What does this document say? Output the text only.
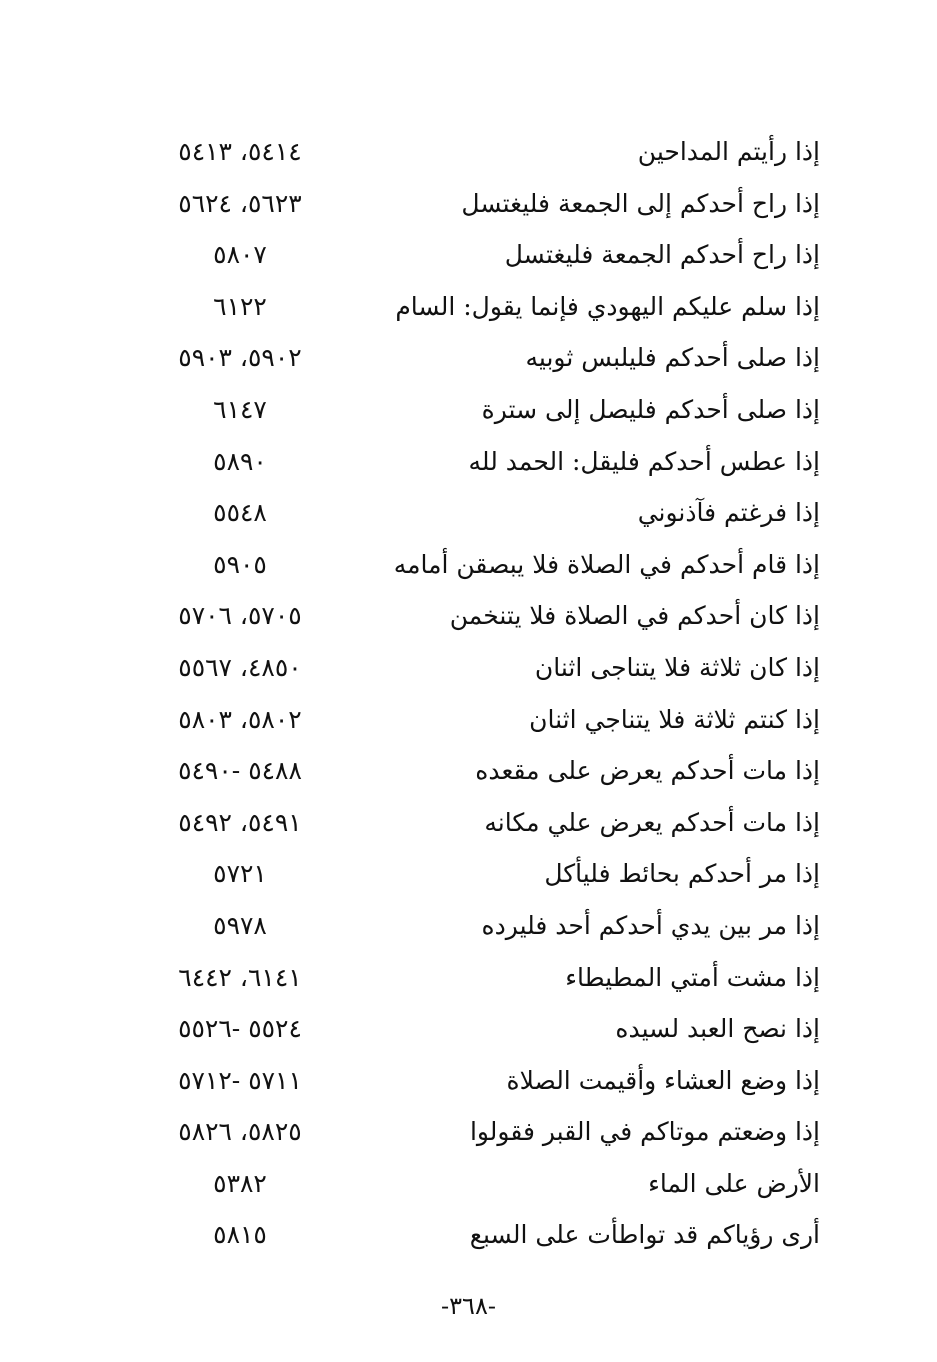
إذا رأيتم المداحين
٥٤١٤، ٥٤١٣
إذا راح أحدكم إلى الجمعة فليغتسل
٥٦٢٣، ٥٦٢٤
إذا راح أحدكم الجمعة فليغتسل
٥٨٠٧
إذا سلم عليكم اليهودي فإنما يقول: السام
٦١٢٢
إذا صلى أحدكم فليلبس ثوبيه
٥٩٠٢، ٥٩٠٣
إذا صلى أحدكم فليصل إلى سترة
٦١٤٧
إذا عطس أحدكم فليقل: الحمد لله
٥٨٩٠
إذا فرغتم فآذنوني
٥٥٤٨
إذا قام أحدكم في الصلاة فلا يبصقن أمامه
٥٩٠٥
إذا كان أحدكم في الصلاة فلا يتنخمن
٥٧٠٥، ٥٧٠٦
إذا كان ثلاثة فلا يتناجى اثنان
٤٨٥٠، ٥٥٦٧
إذا كنتم ثلاثة فلا يتناجي اثنان
٥٨٠٢، ٥٨٠٣
إذا مات أحدكم يعرض على مقعده
٥٤٨٨ -٥٤٩٠
إذا مات أحدكم يعرض علي مكانه
٥٤٩١، ٥٤٩٢
إذا مر أحدكم بحائط فليأكل
٥٧٢١
إذا مر بين يدي أحدكم أحد فليرده
٥٩٧٨
إذا مشت أمتي المطيطاء
٦١٤١، ٦٤٤٢
إذا نصح العبد لسيده
٥٥٢٤ -٥٥٢٦
إذا وضع العشاء وأقيمت الصلاة
٥٧١١ -٥٧١٢
إذا وضعتم موتاكم في القبر فقولوا
٥٨٢٥، ٥٨٢٦
الأرض على الماء
٥٣٨٢
أرى رؤياكم قد تواطأت على السبع
٥٨١٥
-٣٦٨-
